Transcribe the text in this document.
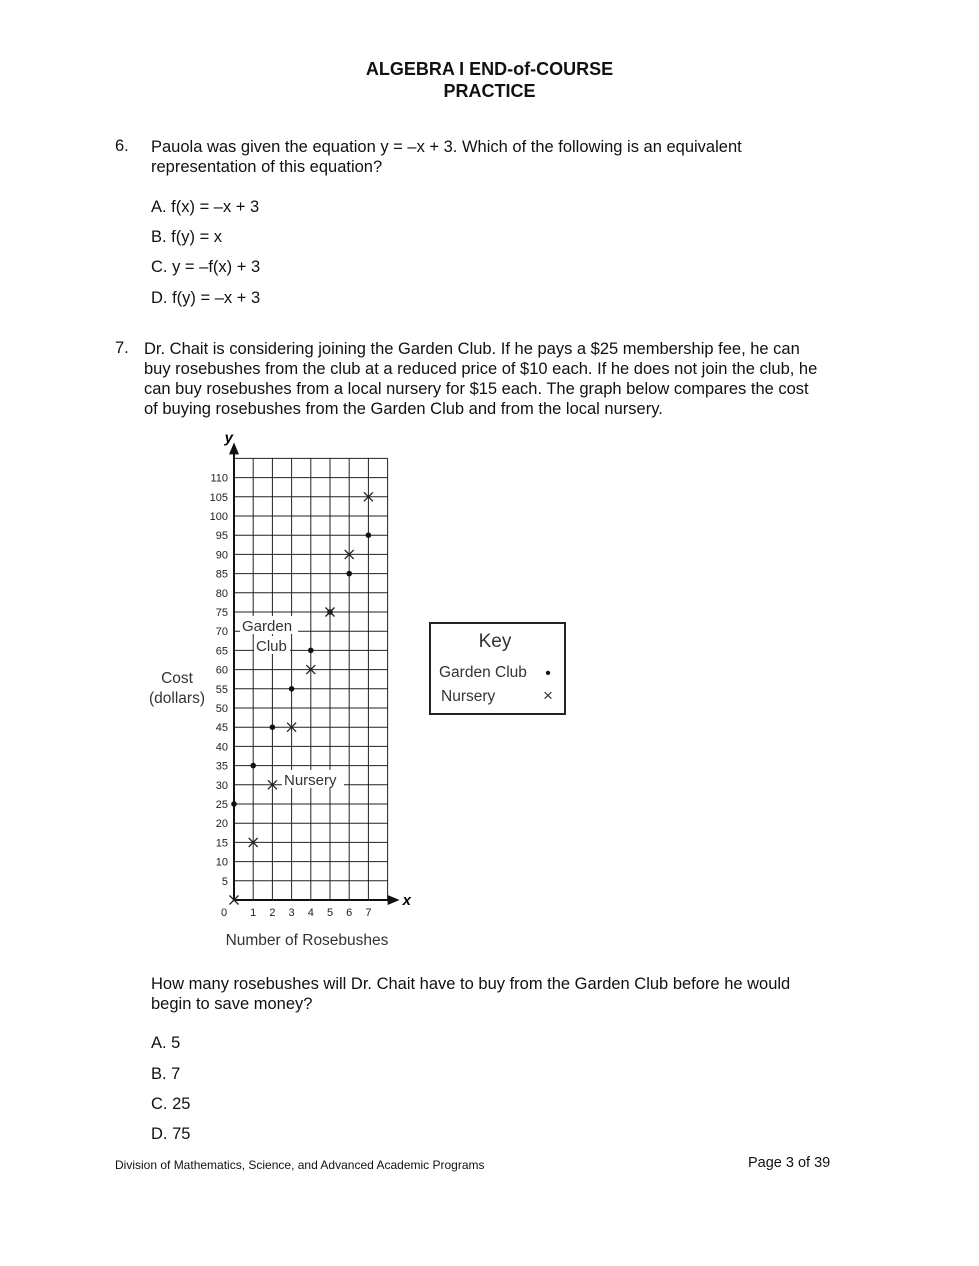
ALGEBRA I END-of-COURSE
PRACTICE
6. Pauola was given the equation y = –x + 3. Which of the following is an equivalent
representation of this equation?
A. f(x) = –x + 3
B. f(y) = x
C. y = –f(x) + 3
D. f(y) = –x + 3
7. Dr. Chait is considering joining the Garden Club. If he pays a $25 membership fee, he can
buy rosebushes from the club at a reduced price of $10 each. If he does not join the club, he
can buy rosebushes from a local nursery for $15 each. The graph below compares the cost
of buying rosebushes from the Garden Club and from the local nursery.
y
x
5
10
15
20
25
30
35
40
45
50
55
60
65
70
75
80
85
90
95
100
105
110
0 1 2 3 4 5 6 7
Garden
Club
Nursery
Cost
(dollars)
Number of Rosebushes
Key
Garden Club
Nursery
•
×
How many rosebushes will Dr. Chait have to buy from the Garden Club before he would
begin to save money?
A. 5
B. 7
C. 25
D. 75
Division of Mathematics, Science, and Advanced Academic Programs	Page 3 of 39
